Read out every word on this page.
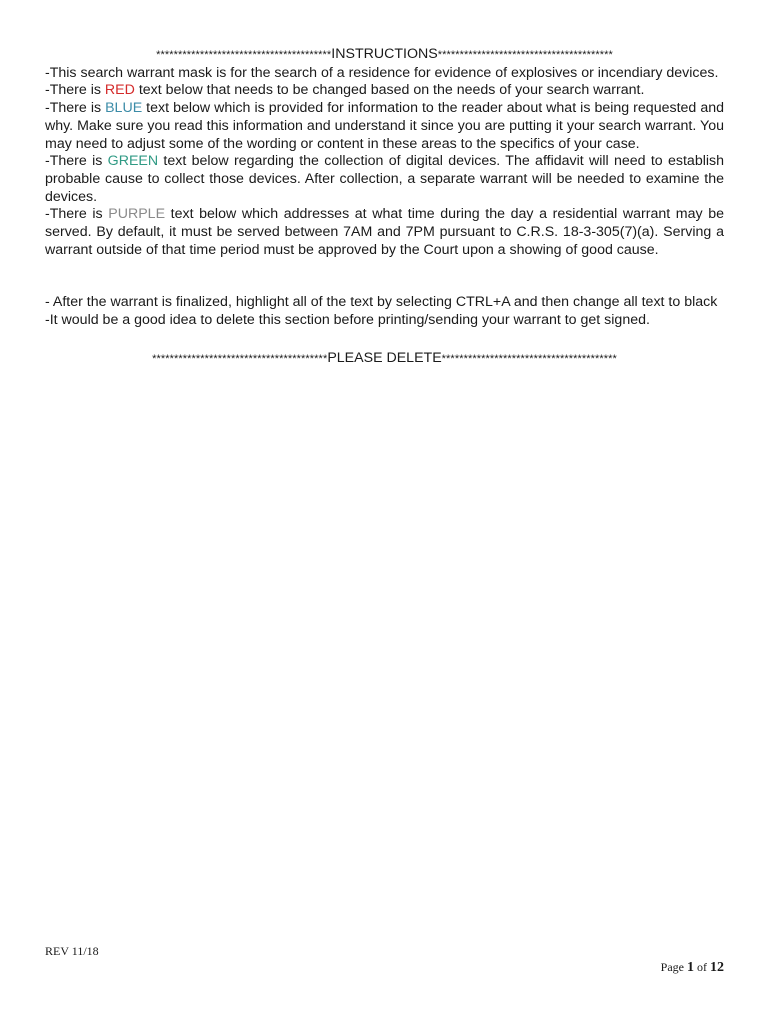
****************************************INSTRUCTIONS****************************************

-This search warrant mask is for the search of a residence for evidence of explosives or incendiary devices.

-There is RED text below that needs to be changed based on the needs of your search warrant.

-There is BLUE text below which is provided for information to the reader about what is being requested and why. Make sure you read this information and understand it since you are putting it your search warrant. You may need to adjust some of the wording or content in these areas to the specifics of your case.

-There is GREEN text below regarding the collection of digital devices. The affidavit will need to establish probable cause to collect those devices. After collection, a separate warrant will be needed to examine the devices.

-There is PURPLE text below which addresses at what time during the day a residential warrant may be served. By default, it must be served between 7AM and 7PM pursuant to C.R.S. 18-3-305(7)(a). Serving a warrant outside of that time period must be approved by the Court upon a showing of good cause.

- After the warrant is finalized, highlight all of the text by selecting CTRL+A and then change all text to black

-It would be a good idea to delete this section before printing/sending your warrant to get signed.

****************************************PLEASE DELETE****************************************
REV 11/18
Page 1 of 12
